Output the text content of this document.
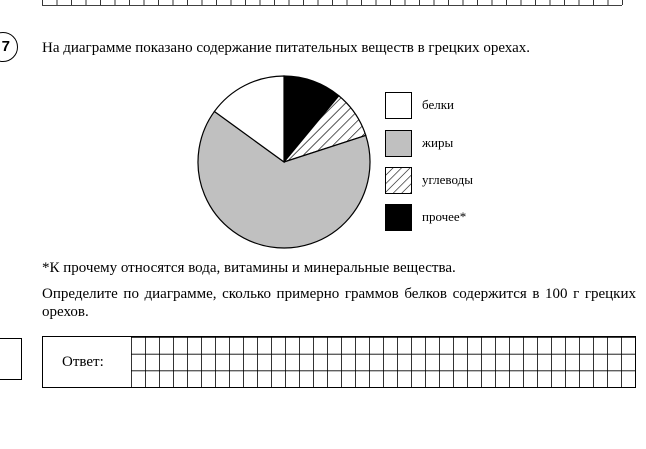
7	На диаграмме показано содержание питательных веществ в грецких орехах.
белки
жиры
углеводы
прочее*
*К прочему относятся вода, витамины и минеральные вещества.
Определите по диаграмме, сколько примерно граммов белков содержится в 100 г грецких орехов.
Ответ:
